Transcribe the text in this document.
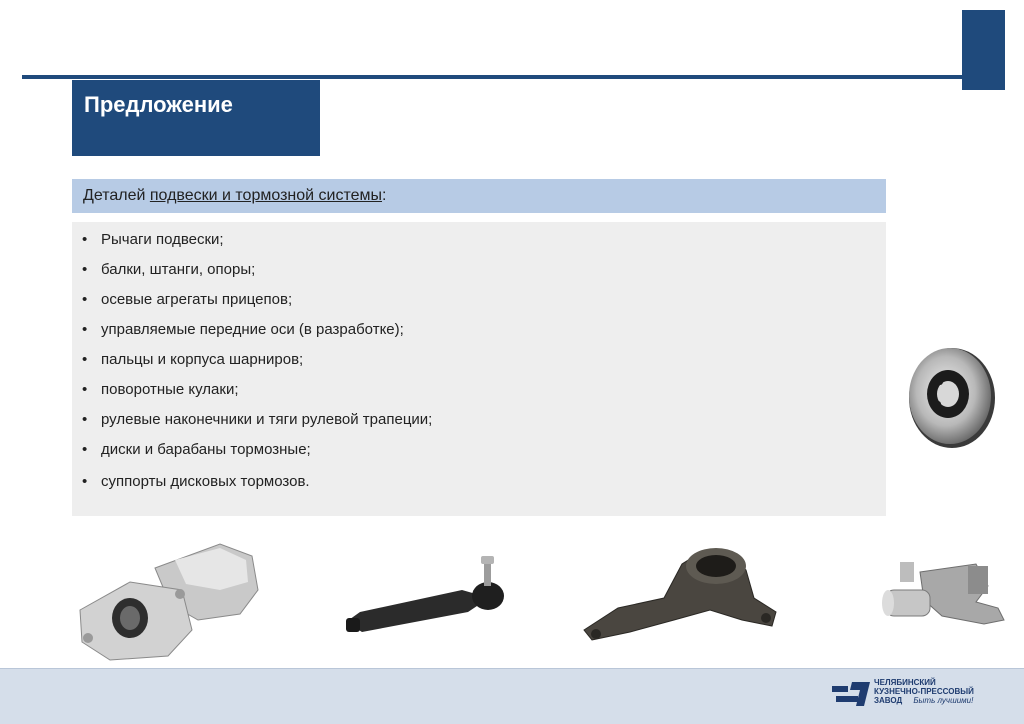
Предложение
Деталей подвески и тормозной системы:
• Рычаги подвески;
• балки, штанги, опоры;
• осевые агрегаты прицепов;
• управляемые передние оси (в разработке);
• пальцы и корпуса шарниров;
• поворотные кулаки;
• рулевые наконечники и тяги рулевой трапеции;
• диски и барабаны тормозные;
• суппорты дисковых тормозов.
ЧЕЛЯБИНСКИЙ
КУЗНЕЧНО-ПРЕССОВЫЙ
ЗАВОД Быть лучшими!
